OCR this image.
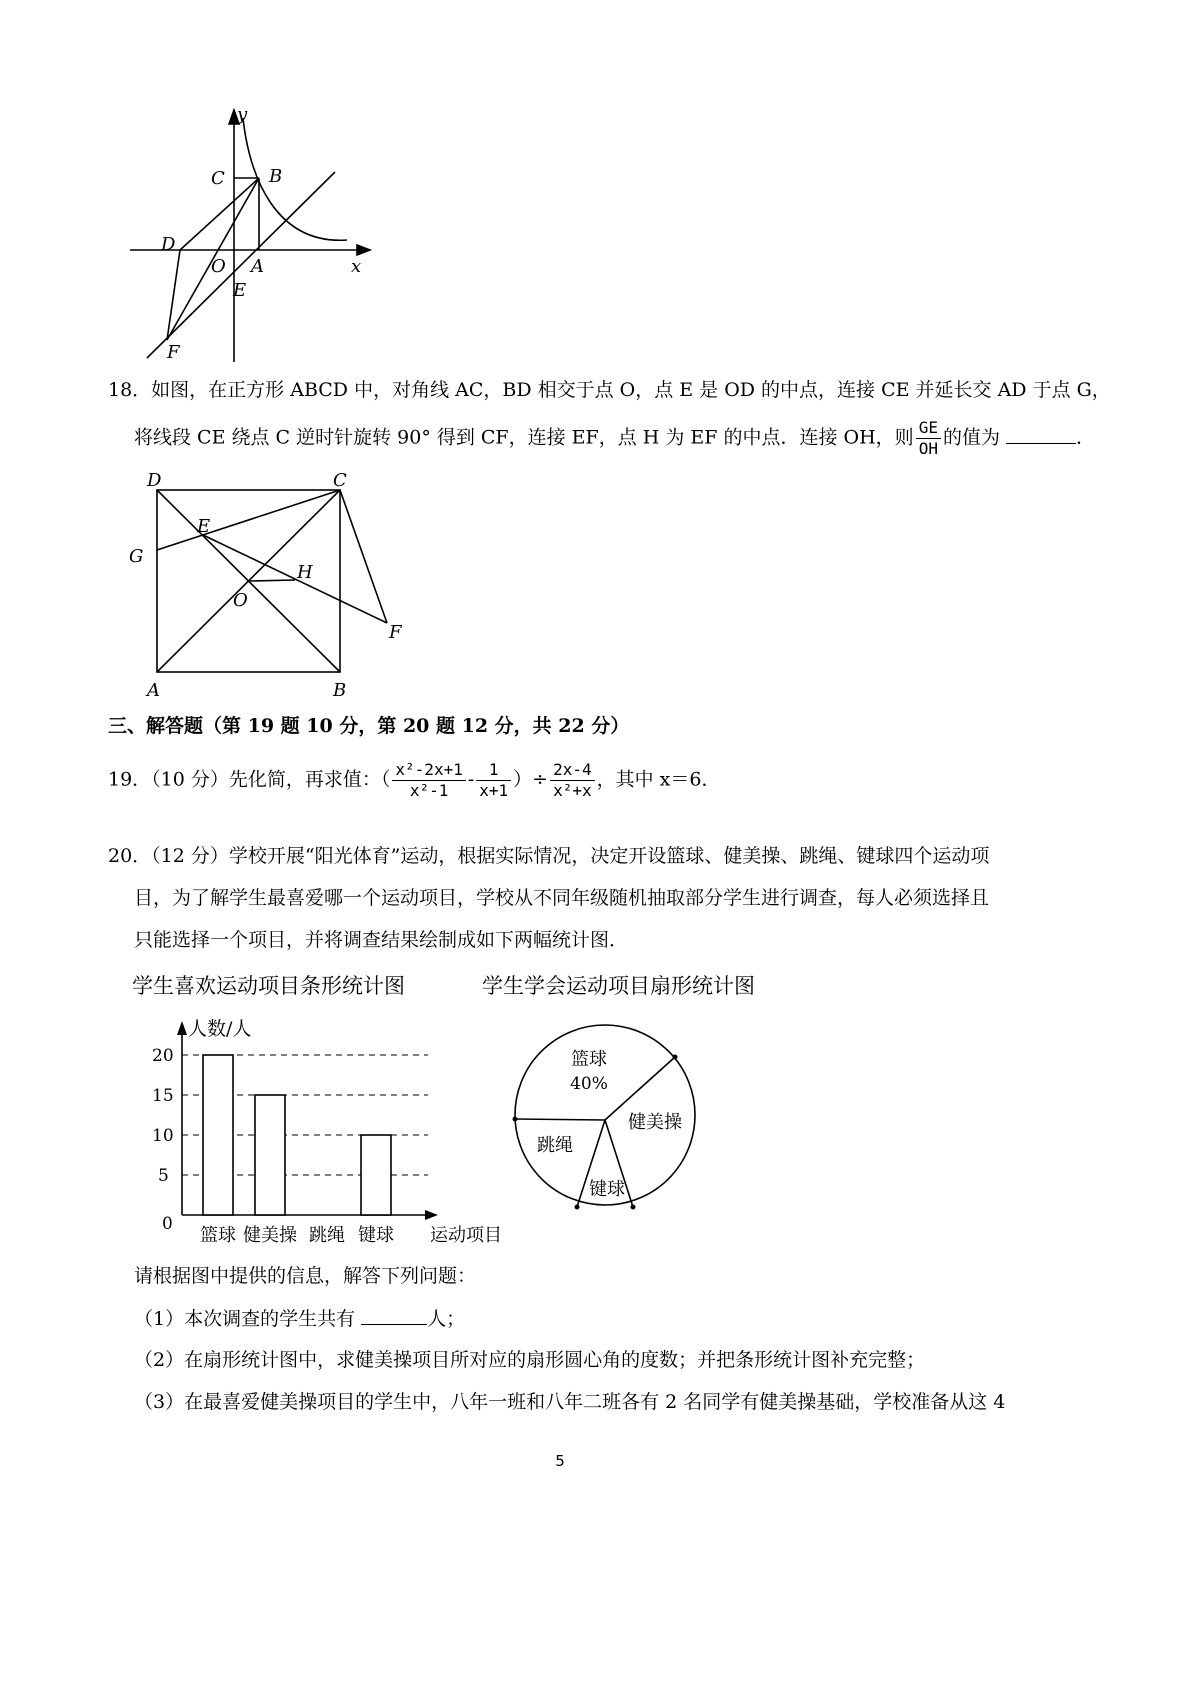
y
x
C B
D
O A
E
F
18．如图，在正方形 ABCD 中，对角线 AC，BD 相交于点 O，点 E 是 OD 的中点，连接 CE 并延长交 AD 于点 G，
将线段 CE 绕点 C 逆时针旋转 90° 得到 CF，连接 EF，点 H 为 EF 的中点．连接 OH，则 $\frac{GE}{OH}$ 的值为	．
D	C
E
G
H
O
F
A	B
三、解答题（第 19 题 10 分，第 20 题 12 分，共 22 分）
19．（10 分）先化简，再求值：（ $\frac{\text{x²-2x+1}}{\text{x²-1}} - \frac{1}{x+1}$ ）÷ $\frac{2x-4}{\text{x²+x}}$ ，其中 x＝6．
20．（12 分）学校开展“阳光体育”运动，根据实际情况，决定开设篮球、健美操、跳绳、键球四个运动项
目，为了解学生最喜爱哪一个运动项目，学校从不同年级随机抽取部分学生进行调查，每人必须选择且
只能选择一个项目，并将调查结果绘制成如下两幅统计图．
学生喜欢运动项目条形统计图	学生学会运动项目扇形统计图
人数/人
0
5
10
15
20
篮球 健美操 跳绳 键球 运动项目
篮球
健美操
跳绳
键球
40%
请根据图中提供的信息，解答下列问题：
（1）本次调查的学生共有	人；
（2）在扇形统计图中，求健美操项目所对应的扇形圆心角的度数；并把条形统计图补充完整；
（3）在最喜爱健美操项目的学生中，八年一班和八年二班各有 2 名同学有健美操基础，学校准备从这 4
5
